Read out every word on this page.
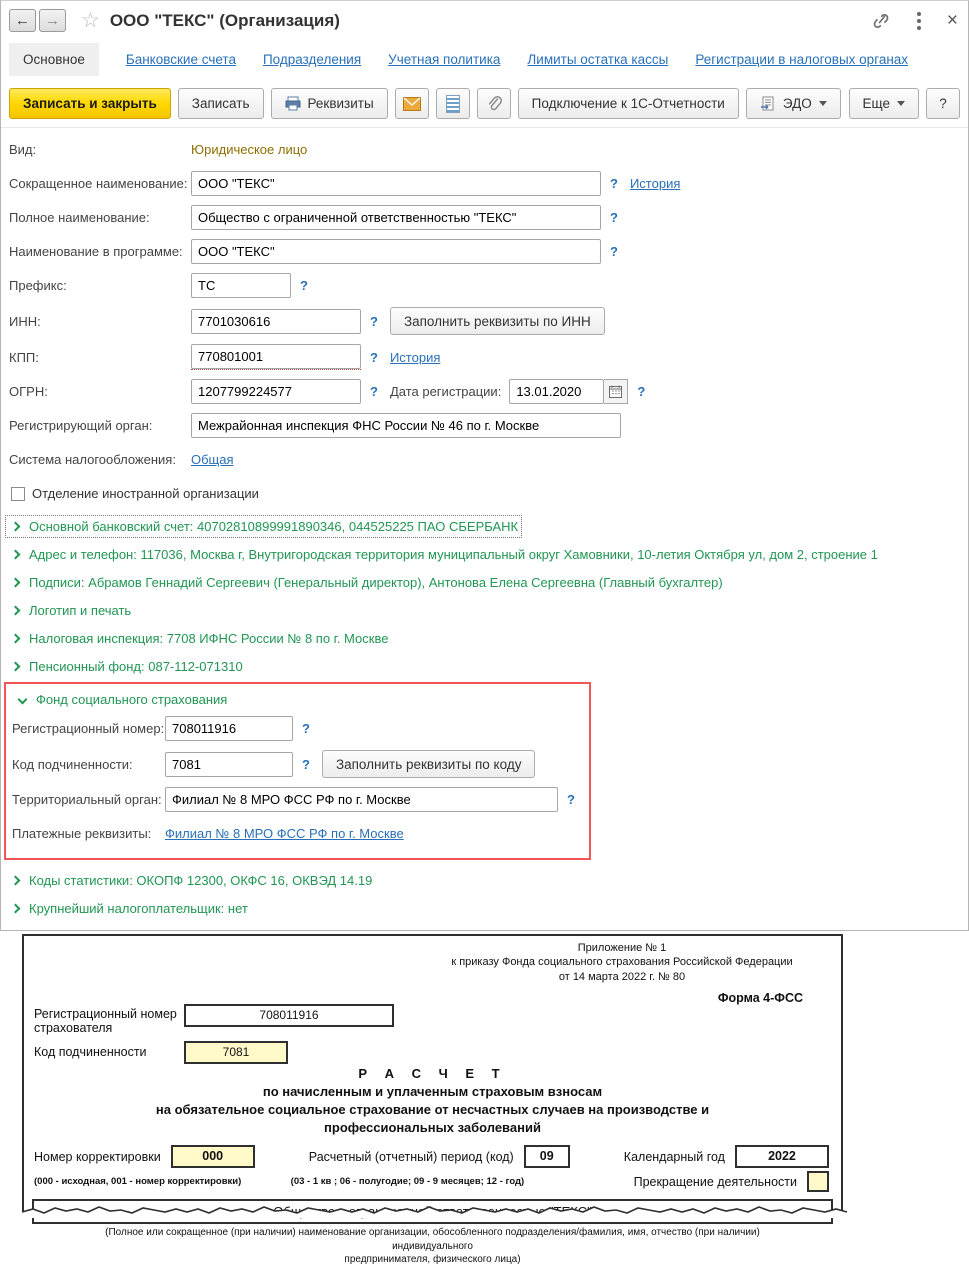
← → ☆ ООО "ТЕКС" (Организация)	×
Основное	Банковские счета Подразделения Учетная политика Лимиты остатка кассы Регистрации в налоговых органах
Записать и закрыть	Записать	Реквизиты	Подключение к 1С-Отчетности	ЭДО	Еще	?
Вид:	Юридическое лицо
Сокращенное наименование:
ООО "ТЕКС"	? История
Полное наименование:
Общество с ограниченной ответственностью "ТЕКС"	?
Наименование в программе:
ООО "ТЕКС"	?
Префикс:
ТС	?
ИНН:
7701030616	?	Заполнить реквизиты по ИНН
КПП:
770801001	? История
ОГРН:
1207799224577	? Дата регистрации:
13.01.2020	?
Регистрирующий орган:
Межрайонная инспекция ФНС России № 46 по г. Москве
Система налогообложения:	Общая
Отделение иностранной организации
Основной банковский счет: 40702810899991890346, 044525225 ПАО СБЕРБАНК
Адрес и телефон: 117036, Москва г, Внутригородская территория муниципальный округ Хамовники, 10-летия Октября ул, дом 2, строение 1
Подписи: Абрамов Геннадий Сергеевич (Генеральный директор), Антонова Елена Сергеевна (Главный бухгалтер)
Логотип и печать
Налоговая инспекция: 7708 ИФНС России № 8 по г. Москве
Пенсионный фонд: 087-112-071310
Фонд социального страхования
Регистрационный номер:
708011916	?
Код подчиненности:
7081	?	Заполнить реквизиты по коду
Территориальный орган:
Филиал № 8 МРО ФСС РФ по г. Москве	?
Платежные реквизиты:	Филиал № 8 МРО ФСС РФ по г. Москве
Коды статистики: ОКОПФ 12300, ОКФС 16, ОКВЭД 14.19
Крупнейший налогоплательщик: нет
Приложение № 1
к приказу Фонда социального страхования Российской Федерации
от 14 марта 2022 г. № 80
Форма 4-ФСС
Регистрационный номер
страхователя
708011916
Код подчиненности	7081
Р А С Ч Е Т
по начисленным и уплаченным страховым взносам
на обязательное социальное страхование от несчастных случаев на производстве и
профессиональных заболеваний
Номер корректировки	000	Расчетный (отчетный) период (код)	09	Календарный год	2022
(000 - исходная, 001 - номер корректировки)	(03 - 1 кв ; 06 - полугодие; 09 - 9 месяцев; 12 - год)	Прекращение деятельности
(Полное или сокращенное (при наличии) наименование организации, обособленного подразделения/фамилия, имя, отчество (при наличии) индивидуального
предпринимателя, физического лица)
